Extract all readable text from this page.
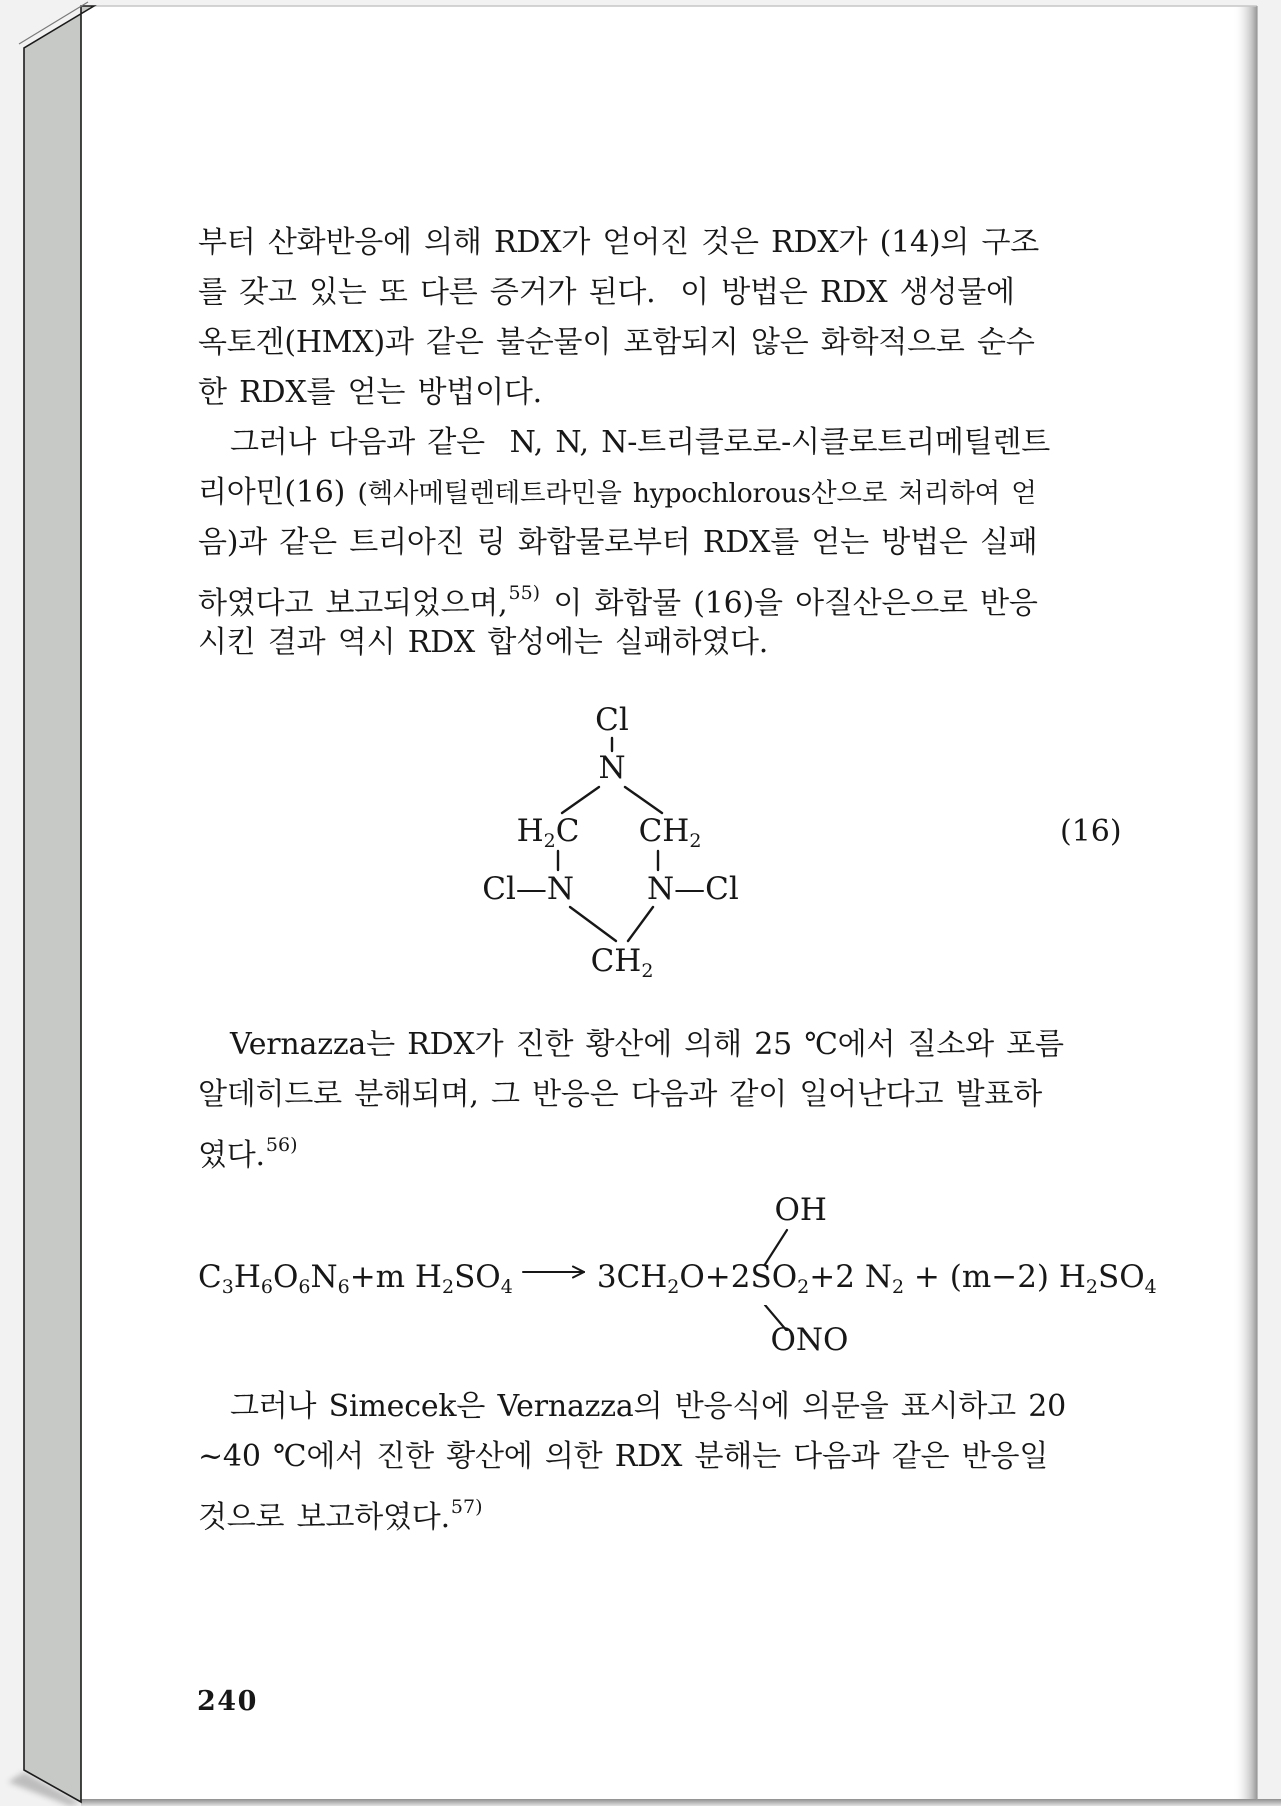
부터 산화반응에 의해 RDX가 얻어진 것은 RDX가 (14)의 구조
를 갖고 있는 또 다른 증거가 된다.  이 방법은 RDX 생성물에
옥토겐(HMX)과 같은 불순물이 포함되지 않은 화학적으로 순수
한 RDX를 얻는 방법이다.
그러나 다음과 같은  N, N, N-트리클로로-시클로트리메틸렌트
리아민(16) (헥사메틸렌테트라민을 hypochlorous산으로 처리하여 얻
음)과 같은 트리아진 링 화합물로부터 RDX를 얻는 방법은 실패
하였다고 보고되었으며,$^{55)}$ 이 화합물 (16)을 아질산은으로 반응
시킨 결과 역시 RDX 합성에는 실패하였다.
Cl
N
$H_2C$ $CH_2$
Cl—N N—Cl
$CH_2$
(16)
Vernazza는 RDX가 진한 황산에 의해 25 ℃에서 질소와 포름
알데히드로 분해되며, 그 반응은 다음과 같이 일어난다고 발표하
였다.$^{56)}$
$C_3H_6O_6N_6+m$ $H_2SO_4 \to 3CH_2O+2SO_2$
OH
ONO
+2 $N_2 + (m-2)$ $H_2SO_4$
그러나 Simecek은 Vernazza의 반응식에 의문을 표시하고 20
~40 ℃에서 진한 황산에 의한 RDX 분해는 다음과 같은 반응일
것으로 보고하였다.$^{57)}$
240
